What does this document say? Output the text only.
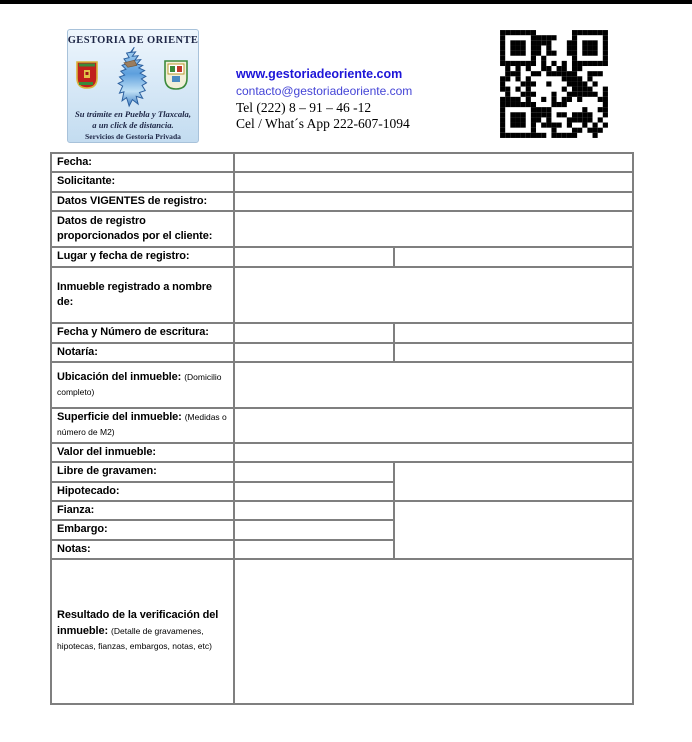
GESTORIA DE ORIENTE
Su trámite en Puebla y Tlaxcala,
a un click de distancia.
Servicios de Gestoria Privada
www.gestoriadeoriente.com
contacto@gestoriadeoriente.com
Tel (222) 8 – 91 – 46 -12
Cel / What´s App 222-607-1094
Fecha:		
Solicitante:		
Datos VIGENTES de registro:		
Datos de registro proporcionados por el cliente:		
Lugar y fecha de registro:		
Inmueble registrado a nombre de:		
Fecha y Número de escritura:		
Notaría:		
Ubicación del inmueble: (Domicilio completo)		
Superficie del inmueble: (Medidas o número de M2)		
Valor del inmueble:		
Libre de gravamen:		
Hipotecado:		
Fianza:		
Embargo:		
Notas:		
Resultado de la verificación del inmueble: (Detalle de gravamenes, hipotecas, fianzas, embargos, notas, etc)		
